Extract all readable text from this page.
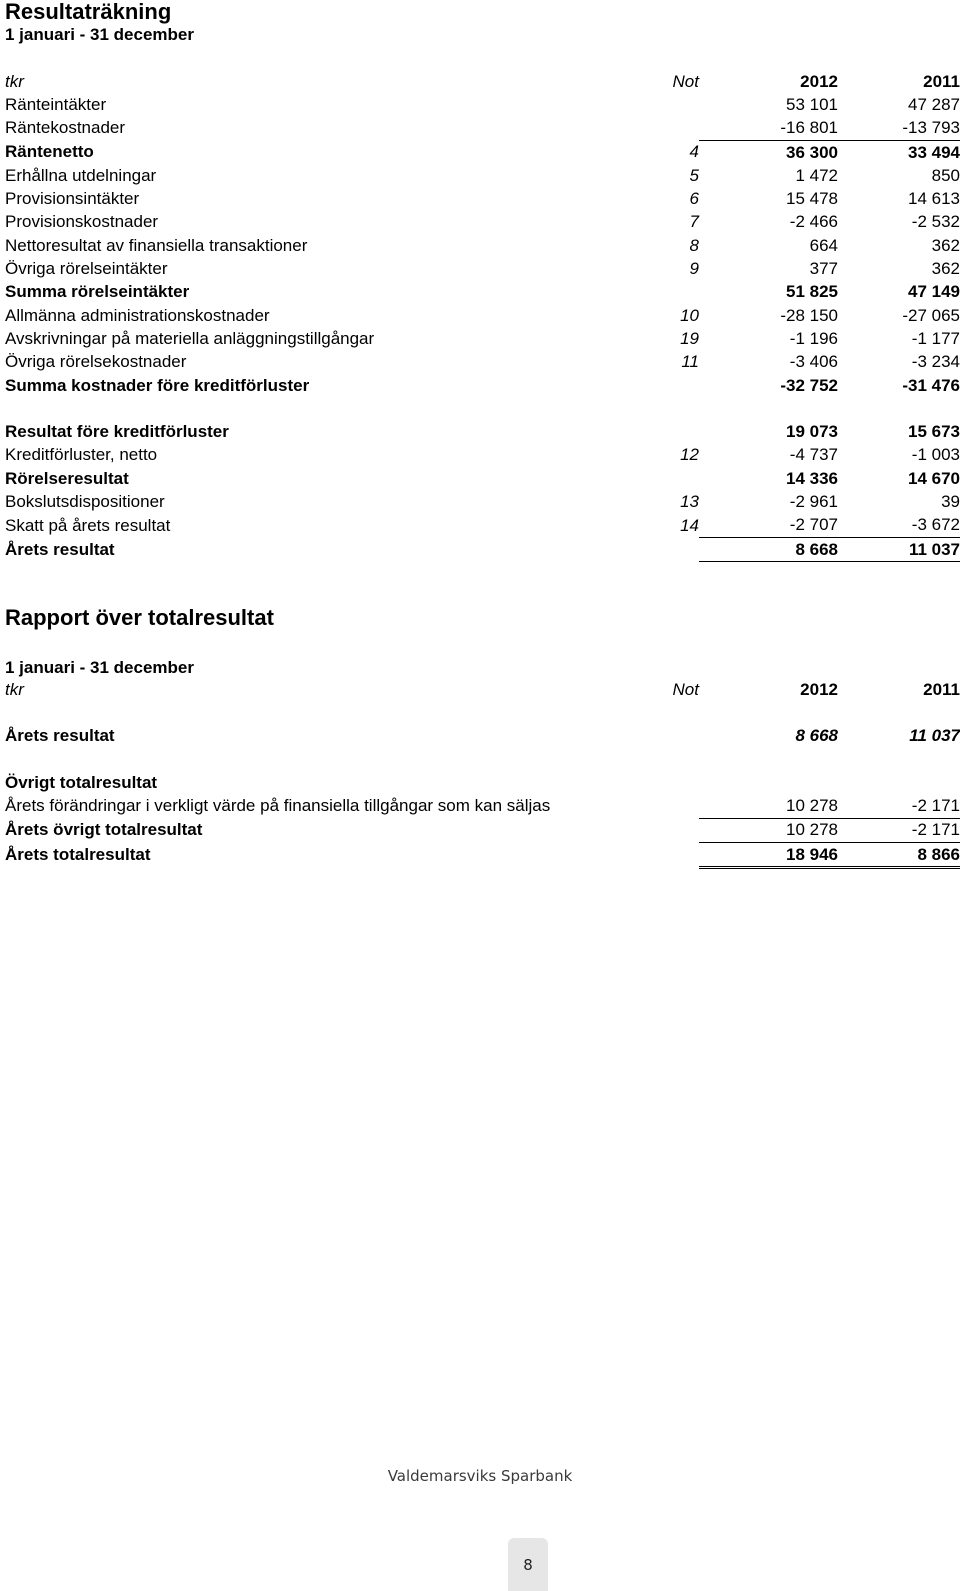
Resultaträkning
1 januari - 31 december
tkr	Not	2012	2011
Ränteintäkter		53 101	47 287
Räntekostnader		-16 801	-13 793
Räntenetto	4	36 300	33 494
Erhållna utdelningar	5	1 472	850
Provisionsintäkter	6	15 478	14 613
Provisionskostnader	7	-2 466	-2 532
Nettoresultat av finansiella transaktioner	8	664	362
Övriga rörelseintäkter	9	377	362
Summa rörelseintäkter		51 825	47 149
Allmänna administrationskostnader	10	-28 150	-27 065
Avskrivningar på materiella anläggningstillgångar	19	-1 196	-1 177
Övriga rörelsekostnader	11	-3 406	-3 234
Summa kostnader före kreditförluster		-32 752	-31 476

Resultat före kreditförluster		19 073	15 673
Kreditförluster, netto	12	-4 737	-1 003
Rörelseresultat		14 336	14 670
Bokslutsdispositioner	13	-2 961	39
Skatt på årets resultat	14	-2 707	-3 672
Årets resultat		8 668	11 037
Rapport över totalresultat
1 januari - 31 december
tkr	Not	2012	2011

Årets resultat		8 668	11 037

Övrigt totalresultat			
Årets förändringar i verkligt värde på finansiella tillgångar som kan säljas		10 278	-2 171
Årets övrigt totalresultat		10 278	-2 171
Årets totalresultat		18 946	8 866
Valdemarsviks Sparbank
8
